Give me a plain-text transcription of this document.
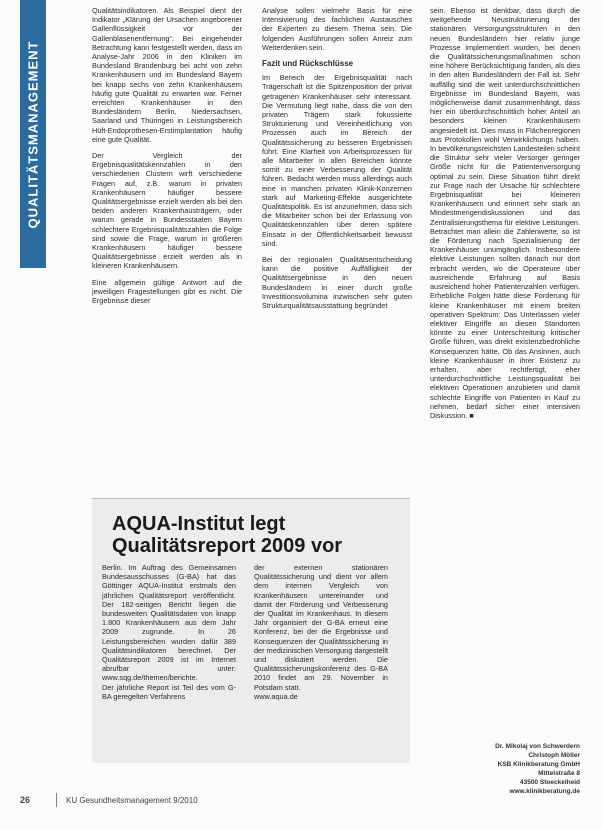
QUALITÄTSMANAGEMENT

Qualitätsindikatoren. Als Beispiel dient der Indikator „Klärung der Ursachen angeborener Gallenflüssigkeit vor der Gallenblasenentfernung“. Bei eingehender Betrachtung kann festgestellt werden, dass im Analyse-Jahr 2006 in den Kliniken im Bundesland Brandenburg bei acht von zehn Krankenhäusern und im Bundesland Bayern bei knapp sechs von zehn Krankenhäusern häufig gute Qualität zu erwarten war. Ferner erreichten Krankenhäuser in den Bundesländern Berlin, Niedersachsen, Saarland und Thüringen in Leistungsbereich Hüft-Endoprothesen-Erstimplantation häufig eine gute Qualität.

Der Vergleich der Ergebnisqualitätskennzahlen in den verschiedenen Clustern wirft verschiedene Fragen auf, z.B. warum in privaten Krankenhäusern häufiger bessere Qualitätsergebnisse erzielt werden als bei den beiden anderen Krankenhausträgern, oder warum gerade in Bundesstaaten Bayern schlechtere Ergebnisqualitätszahlen die Folge sind sowie die Frage, warum in größeren Krankenhäusern häufiger bessere Qualitätsergebnisse erzielt werden als in kleineren Krankenhäusern.

Eine allgemein gültige Antwort auf die jeweiligen Fragestellungen gibt es nicht. Die Ergebnisse dieser

Analyse sollen vielmehr Basis für eine Intensivierung des fachlichen Austausches der Experten zu diesem Thema sein. Die folgenden Ausführungen sollen Anreiz zum Weiterdenken sein.

Fazit und Rückschlüsse

Im Bereich der Ergebnisqualität nach Trägerschaft ist die Spitzenposition der privat getragenen Krankenhäuser sehr interessant. Die Vermutung liegt nahe, dass die von den privaten Trägern stark fokussierte Strukturierung und Vereinheitlichung von Prozessen auch im Bereich der Qualitätssicherung zu besseren Ergebnissen führt. Eine Klarheit von Arbeitsprozessen für alle Mitarbeiter in allen Bereichen könnte somit zu einer Verbesserung der Qualität führen. Bedacht werden muss allerdings auch eine in manchen privaten Klinik-Konzernen stark auf Marketing-Effekte ausgerichtete Qualitätspolitik. Es ist anzunehmen, dass sich die Mitarbeiter schon bei der Erfassung von Qualitätskennzahlen über deren spätere Einsatz in der Öffentlichkeitsarbeit bewusst sind.

Bei der regionalen Qualitätsentscheidung kann die positive Auffälligkeit der Qualitätsergebnisse in den neuen Bundesländern in einer durch große Investitionsvolumina inzwischen sehr guten Strukturqualitätsausstattung begründet

sein. Ebenso ist denkbar, dass durch die weitgehende Neustrukturierung der stationären Versorgungsstrukturen in den neuen Bundesländern hier relativ junge Prozesse implementiert wurden, bei denen die Qualitätssicherungsmaßnahmen schon eine höhere Berücksichtigung fanden, als dies in den alten Bundesländern der Fall ist. Sehr auffällig sind die weit unterdurchschnittlichen Ergebnisse im Bundesland Bayern, was möglicherweise damit zusammenhängt, dass hier ein überdurchschnittlich hoher Anteil an besonders kleinen Krankenhäusern angesiedelt ist. Dies muss in Flächenregionen aus Protokollen wohl Verwirklichungs halben. In bevölkerungsreichsten Landesteilen scheint die Struktur sehr vieler Versorger geringer Größe nicht für die Patientenversorgung optimal zu sein. Diese Situation führt direkt zur Frage nach der Ursache für schlechtere Ergebnisqualität bei kleineren Krankenhäusern und erinnert sehr stark an Mindestmengendiskussionen und das Zentralisierungsthema für elektive Leistungen. Betrachtet man allein die Zahlenwerte, so ist die Förderung nach Spezialisierung der Krankenhäuser unumgänglich. Insbesondere elektive Leistungen sollten danach nur dort erbracht werden, wo die Operateure über ausreichende Erfahrung auf Basis ausreichend hoher Patientenzahlen verfügen. Erhebliche Folgen hätte diese Forderung für kleine Krankenhäuser mit einem breiten operativen Spektrum: Das Unterlassen vieler elektiver Eingriffe an diesen Standorten könnte zu einer Unterschreitung kritischer Größe führen, was direkt existenzbedrohliche Konsequenzen hätte. Ob das Ansinnen, auch kleine Krankenhäuser in ihrer Existenz zu erhalten, aber rechtfertigt, eher unterdurchschnittliche Leistungsqualität bei elektiven Operationen anzubieten und damit schlechte Eingriffe von Patienten in Kauf zu nehmen, bedarf sicher einer intensiven Diskussion. ■

AQUA-Institut legt Qualitätsreport 2009 vor

Berlin. Im Auftrag des Gemeinsamen Bundesausschusses (G-BA) hat das Göttinger AQUA-Institut erstmals den jährlichen Qualitätsreport veröffentlicht. Der 182-seitigen Bericht liegen die bundesweiten Qualitätsdaten von knapp 1.800 Krankenhäusern aus dem Jahr 2009 zugrunde. In 26 Leistungsbereichen wurden dafür 389 Qualitätsindikatoren berechnet. Der Qualitätsreport 2009 ist im Internet abrufbar unter: www.sqg.de/themen/berichte.

Der jährliche Report ist Teil des vom G-BA geregelten Verfahrens

der externen stationären Qualitätssicherung und dient vor allem dem internen Vergleich von Krankenhäusern untereinander und damit der Förderung und Verbesserung der Qualität im Krankenhaus. In diesem Jahr organisiert der G-BA erneut eine Konferenz, bei der die Ergebnisse und Konsequenzen der Qualitätssicherung in der medizinischen Versorgung dargestellt und diskutiert werden. Die Qualitätssicherungskonferenz des G-BA 2010 findet am 29. November in Potsdam statt.

www.aqua.de

Dr. Mikolaj von Schwerdern
Christoph Möller
KSB Klinikberatung GmbH
Mittelstraße 8
43500 Stoeckelheid
www.klinikberatung.de
26	KU Gesundheitsmanagement 9/2010
